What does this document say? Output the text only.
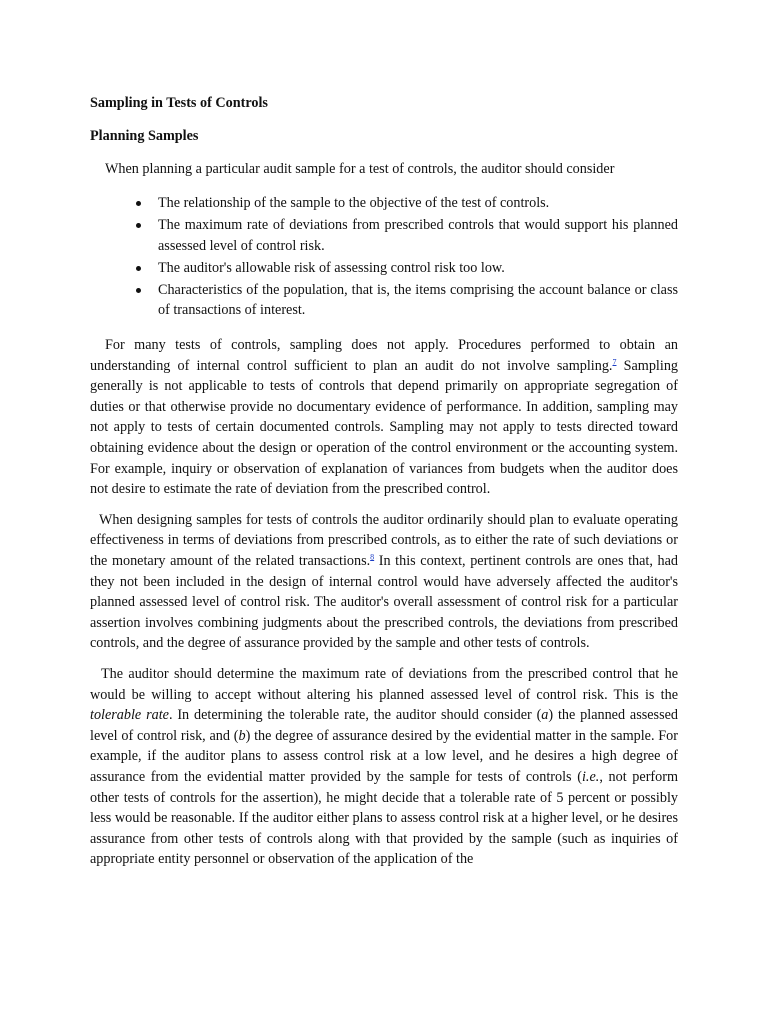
Sampling in Tests of Controls
Planning Samples
When planning a particular audit sample for a test of controls, the auditor should consider
The relationship of the sample to the objective of the test of controls.
The maximum rate of deviations from prescribed controls that would support his planned assessed level of control risk.
The auditor's allowable risk of assessing control risk too low.
Characteristics of the population, that is, the items comprising the account balance or class of transactions of interest.

For many tests of controls, sampling does not apply. Procedures performed to obtain an understanding of internal control sufficient to plan an audit do not involve sampling.$^7$ Sampling generally is not applicable to tests of controls that depend primarily on appropriate segregation of duties or that otherwise provide no documentary evidence of performance. In addition, sampling may not apply to tests of certain documented controls. Sampling may not apply to tests directed toward obtaining evidence about the design or operation of the control environment or the accounting system. For example, inquiry or observation of explanation of variances from budgets when the auditor does not desire to estimate the rate of deviation from the prescribed control.

When designing samples for tests of controls the auditor ordinarily should plan to evaluate operating effectiveness in terms of deviations from prescribed controls, as to either the rate of such deviations or the monetary amount of the related transactions.$^8$ In this context, pertinent controls are ones that, had they not been included in the design of internal control would have adversely affected the auditor's planned assessed level of control risk. The auditor's overall assessment of control risk for a particular assertion involves combining judgments about the prescribed controls, the deviations from prescribed controls, and the degree of assurance provided by the sample and other tests of controls.

The auditor should determine the maximum rate of deviations from the prescribed control that he would be willing to accept without altering his planned assessed level of control risk. This is the tolerable rate. In determining the tolerable rate, the auditor should consider (a) the planned assessed level of control risk, and (b) the degree of assurance desired by the evidential matter in the sample. For example, if the auditor plans to assess control risk at a low level, and he desires a high degree of assurance from the evidential matter provided by the sample for tests of controls (i.e., not perform other tests of controls for the assertion), he might decide that a tolerable rate of 5 percent or possibly less would be reasonable. If the auditor either plans to assess control risk at a higher level, or he desires assurance from other tests of controls along with that provided by the sample (such as inquiries of appropriate entity personnel or observation of the application of the
